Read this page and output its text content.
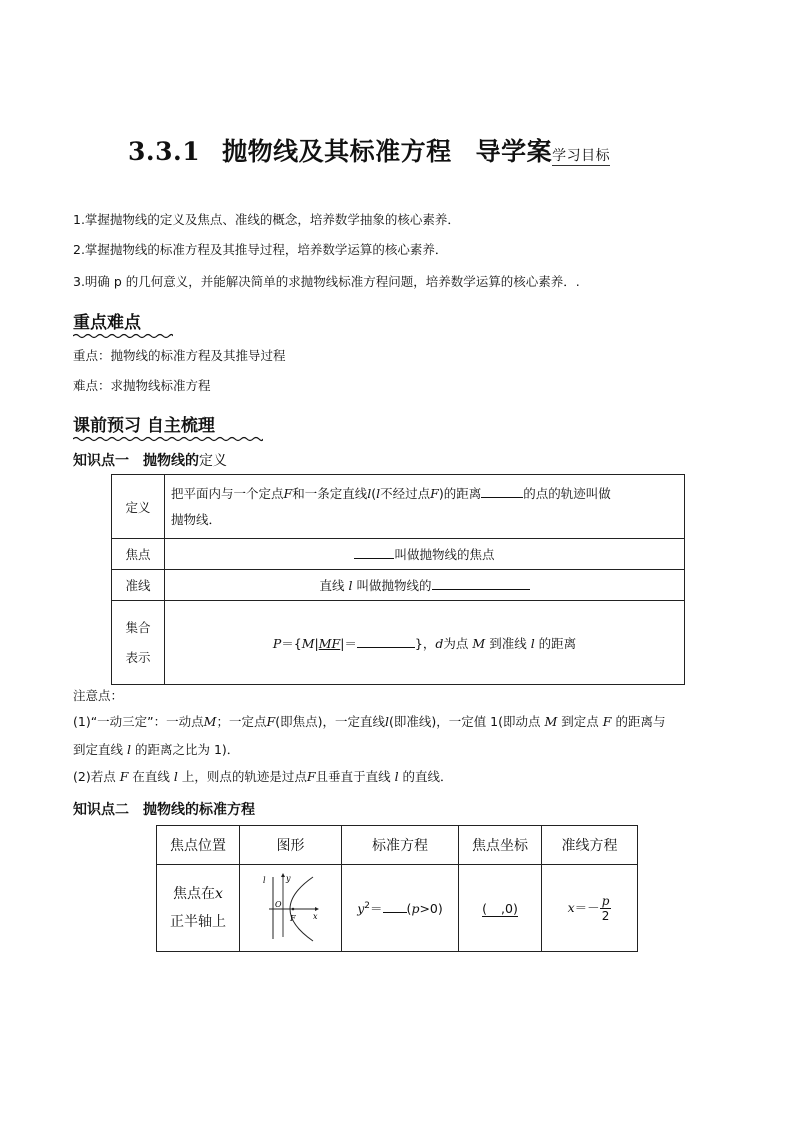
3.3.1 抛物线及其标准方程 导学案学习目标
1.掌握抛物线的定义及焦点、准线的概念，培养数学抽象的核心素养．
2.掌握抛物线的标准方程及其推导过程，培养数学运算的核心素养．
3.明确 p 的几何意义，并能解决简单的求抛物线标准方程问题，培养数学运算的核心素养．.
重点难点
重点：抛物线的标准方程及其推导过程
难点：求抛物线标准方程
课前预习 自主梳理
知识点一　抛物线的定义
定义	把平面内与一个定点F和一条定直线l(l不经过点F)的距离 的点的轨迹叫做
抛物线．
焦点	叫做抛物线的焦点
准线	直线 l 叫做抛物线的
集合
表示	P＝{M|MF|＝ }，d为点 M 到准线 l 的距离
注意点：
(1)“一动三定”：一动点M；一定点F(即焦点)，一定直线l(即准线)，一定值 1(即动点 M 到定点 F 的距离与
到定直线 l 的距离之比为 1)．
(2)若点 F 在直线 l 上，则点的轨迹是过点F且垂直于直线 l 的直线．
知识点二　抛物线的标准方程
焦点位置	图形	标准方程	焦点坐标	准线方程
焦点在x
正半轴上	l y
O
F x	$y^2= (p>0)$	( ,0)	$x=- \frac{p}{2}$
